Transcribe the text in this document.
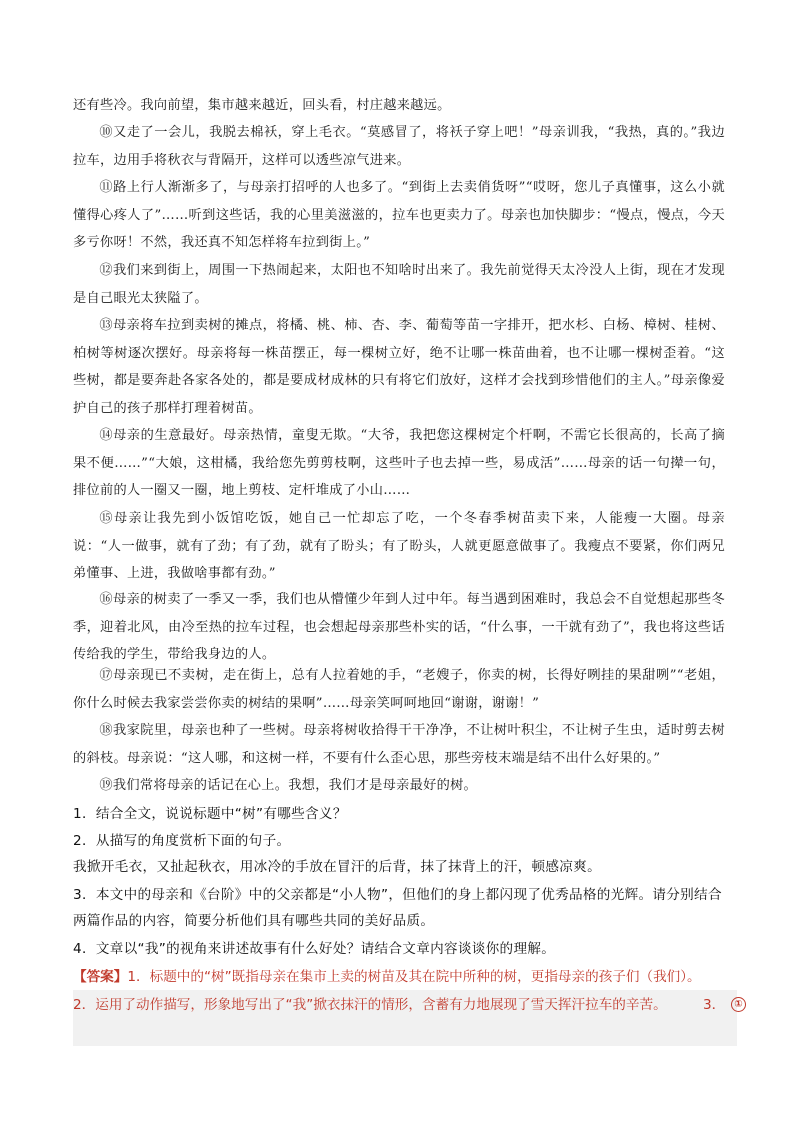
还有些冷。我向前望，集市越来越近，回头看，村庄越来越远。
⑩又走了一会儿，我脱去棉袄，穿上毛衣。“莫感冒了，将袄子穿上吧！”母亲训我，“我热，真的。”我边拉车，边用手将秋衣与背隔开，这样可以透些凉气进来。
⑪路上行人渐渐多了，与母亲打招呼的人也多了。“到街上去卖俏货呀”“哎呀，您儿子真懂事，这么小就懂得心疼人了”……听到这些话，我的心里美滋滋的，拉车也更卖力了。母亲也加快脚步：“慢点，慢点，今天多亏你呀！不然，我还真不知怎样将车拉到街上。”
⑫我们来到街上，周围一下热闹起来，太阳也不知啥时出来了。我先前觉得天太冷没人上街，现在才发现是自己眼光太狭隘了。
⑬母亲将车拉到卖树的摊点，将橘、桃、柿、杏、李、葡萄等苗一字排开，把水杉、白杨、樟树、桂树、柏树等树逐次摆好。母亲将每一株苗摆正，每一棵树立好，绝不让哪一株苗曲着，也不让哪一棵树歪着。“这些树，都是要奔赴各家各处的，都是要成材成林的只有将它们放好，这样才会找到珍惜他们的主人。”母亲像爱护自己的孩子那样打理着树苗。
⑭母亲的生意最好。母亲热情，童叟无欺。“大爷，我把您这棵树定个杆啊，不需它长很高的，长高了摘果不便……”“大娘，这柑橘，我给您先剪剪枝啊，这些叶子也去掉一些，易成活”……母亲的话一句撵一句，排位前的人一圈又一圈，地上剪枝、定杆堆成了小山……
⑮母亲让我先到小饭馆吃饭，她自己一忙却忘了吃，一个冬春季树苗卖下来，人能瘦一大圈。母亲说：“人一做事，就有了劲；有了劲，就有了盼头；有了盼头，人就更愿意做事了。我瘦点不要紧，你们两兄弟懂事、上进，我做啥事都有劲。”
⑯母亲的树卖了一季又一季，我们也从懵懂少年到人过中年。每当遇到困难时，我总会不自觉想起那些冬季，迎着北风，由冷至热的拉车过程，也会想起母亲那些朴实的话，“什么事，一干就有劲了”，我也将这些话传给我的学生，带给我身边的人。
⑰母亲现已不卖树，走在街上，总有人拉着她的手，“老嫂子，你卖的树，长得好咧挂的果甜咧”“老姐，你什么时候去我家尝尝你卖的树结的果啊”……母亲笑呵呵地回“谢谢，谢谢！”
⑱我家院里，母亲也种了一些树。母亲将树收拾得干干净净，不让树叶积尘，不让树子生虫，适时剪去树的斜枝。母亲说：“这人哪，和这树一样，不要有什么歪心思，那些旁枝末端是结不出什么好果的。”
⑲我们常将母亲的话记在心上。我想，我们才是母亲最好的树。
1．结合全文，说说标题中“树”有哪些含义？
2．从描写的角度赏析下面的句子。
我掀开毛衣，又扯起秋衣，用冰冷的手放在冒汗的后背，抹了抹背上的汗，顿感凉爽。
3．本文中的母亲和《台阶》中的父亲都是“小人物”，但他们的身上都闪现了优秀品格的光辉。请分别结合
两篇作品的内容，简要分析他们具有哪些共同的美好品质。
4．文章以“我”的视角来讲述故事有什么好处？请结合文章内容谈谈你的理解。
【答案】1．标题中的“树”既指母亲在集市上卖的树苗及其在院中所种的树，更指母亲的孩子们（我们）。
2．运用了动作描写，形象地写出了“我”掀衣抹汗的情形，含蓄有力地展现了雪天挥汗拉车的辛苦。	3． ①
